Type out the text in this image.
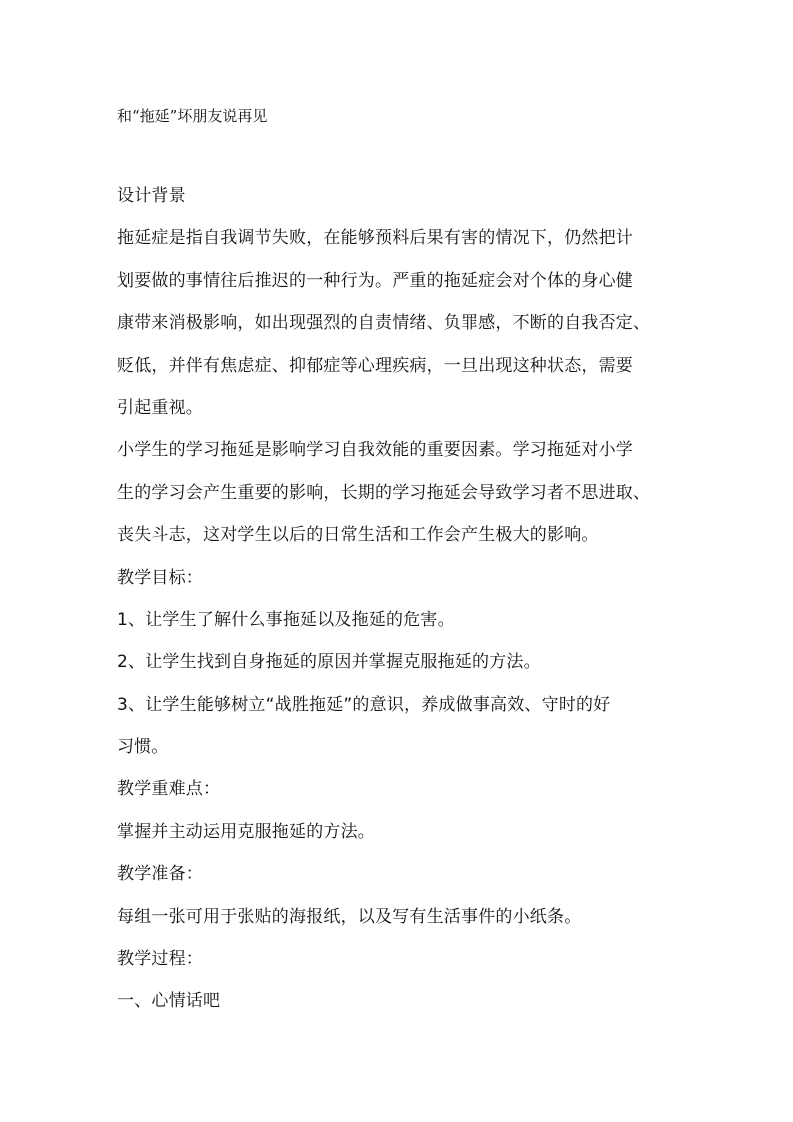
和“拖延”坏朋友说再见
设计背景
拖延症是指自我调节失败，在能够预料后果有害的情况下，仍然把计
划要做的事情往后推迟的一种行为。严重的拖延症会对个体的身心健
康带来消极影响，如出现强烈的自责情绪、负罪感，不断的自我否定、
贬低，并伴有焦虑症、抑郁症等心理疾病，一旦出现这种状态，需要
引起重视。
小学生的学习拖延是影响学习自我效能的重要因素。学习拖延对小学
生的学习会产生重要的影响，长期的学习拖延会导致学习者不思进取、
丧失斗志，这对学生以后的日常生活和工作会产生极大的影响。
教学目标：
1、让学生了解什么事拖延以及拖延的危害。
2、让学生找到自身拖延的原因并掌握克服拖延的方法。
3、让学生能够树立“战胜拖延”的意识，养成做事高效、守时的好
习惯。
教学重难点：
掌握并主动运用克服拖延的方法。
教学准备：
每组一张可用于张贴的海报纸，以及写有生活事件的小纸条。
教学过程：
一、心情话吧
